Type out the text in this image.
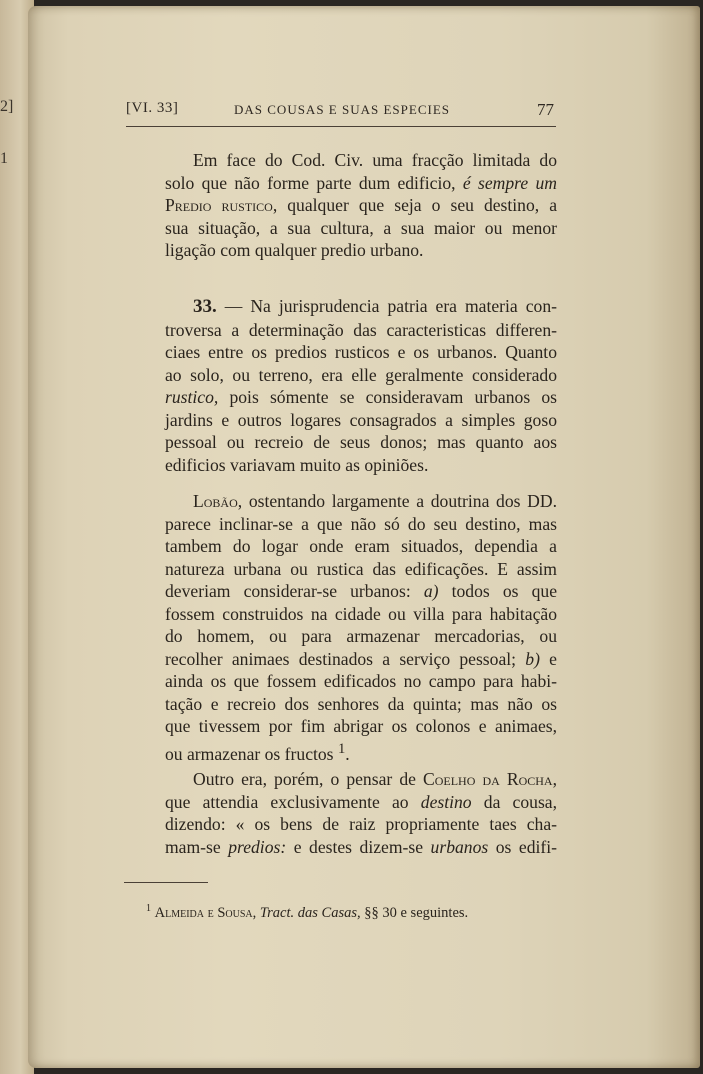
2]
1
[VI. 33]	DAS COUSAS E SUAS ESPECIES	77
Em face do Cod. Civ. uma fracção limitada do
solo que não forme parte dum edificio, é sempre um
Predio rustico, qualquer que seja o seu destino, a
sua situação, a sua cultura, a sua maior ou menor
ligação com qualquer predio urbano.
33. — Na jurisprudencia patria era materia con-
troversa a determinação das caracteristicas differen-
ciaes entre os predios rusticos e os urbanos. Quanto
ao solo, ou terreno, era elle geralmente considerado
rustico, pois sómente se consideravam urbanos os
jardins e outros logares consagrados a simples goso
pessoal ou recreio de seus donos; mas quanto aos
edificios variavam muito as opiniões.
Lobão, ostentando largamente a doutrina dos DD.
parece inclinar-se a que não só do seu destino, mas
tambem do logar onde eram situados, dependia a
natureza urbana ou rustica das edificações. E assim
deveriam considerar-se urbanos: a) todos os que
fossem construidos na cidade ou villa para habitação
do homem, ou para armazenar mercadorias, ou
recolher animaes destinados a serviço pessoal; b) e
ainda os que fossem edificados no campo para habi-
tação e recreio dos senhores da quinta; mas não os
que tivessem por fim abrigar os colonos e animaes,
ou armazenar os fructos $^1$.
Outro era, porém, o pensar de Coelho da Rocha,
que attendia exclusivamente ao destino da cousa,
dizendo: « os bens de raiz propriamente taes cha-
mam-se predios: e destes dizem-se urbanos os edifi-
$^1$ Almeida e Sousa, Tract. das Casas, §§ 30 e seguintes.
